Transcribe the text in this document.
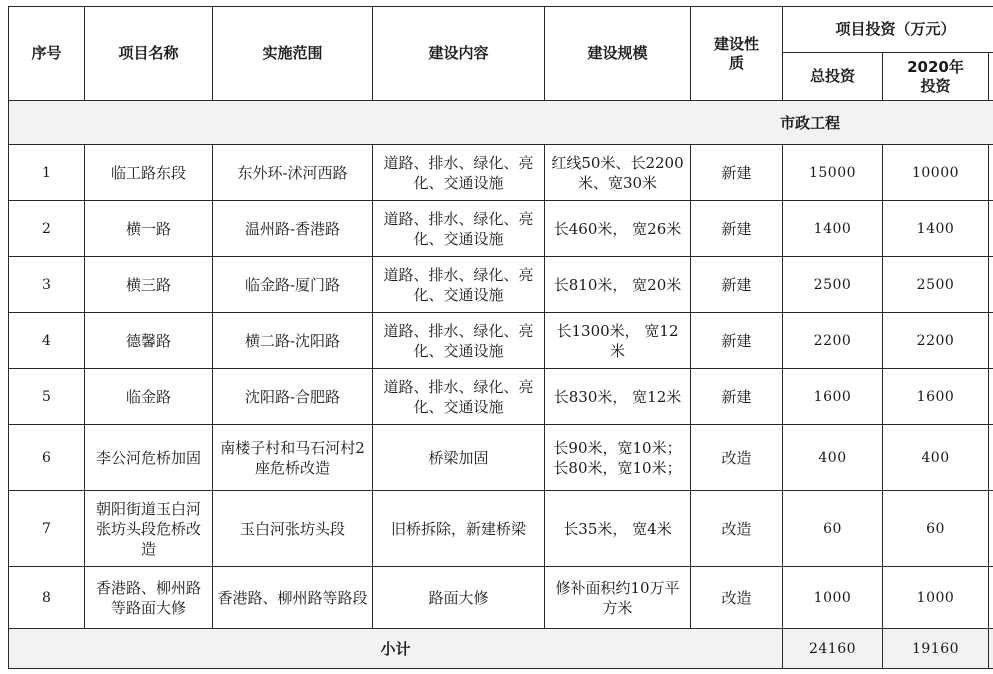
序号	项目名称	实施范围	建设内容	建设规模	建设性质	项目投资（万元）		
						总投资	2020年投资	
市政工程								
1	临工路东段	东外环-沭河西路	道路、排水、绿化、亮化、交通设施	红线50米、长2200米、宽30米	新建	15000	10000	
2	横一路	温州路-香港路	道路、排水、绿化、亮化、交通设施	长460米， 宽26米	新建	1400	1400	
3	横三路	临金路-厦门路	道路、排水、绿化、亮化、交通设施	长810米， 宽20米	新建	2500	2500	
4	德馨路	横二路-沈阳路	道路、排水、绿化、亮化、交通设施	长1300米， 宽12米	新建	2200	2200	
5	临金路	沈阳路-合肥路	道路、排水、绿化、亮化、交通设施	长830米， 宽12米	新建	1600	1600	
6	李公河危桥加固	南楼子村和马石河村2座危桥改造	桥梁加固	长90米，宽10米；长80米，宽10米；	改造	400	400	
7	朝阳街道玉白河张坊头段危桥改造	玉白河张坊头段	旧桥拆除，新建桥梁	长35米， 宽4米	改造	60	60	
8	香港路、柳州路等路面大修	香港路、柳州路等路段	路面大修	修补面积约10万平方米	改造	1000	1000	
小计						24160	19160	
